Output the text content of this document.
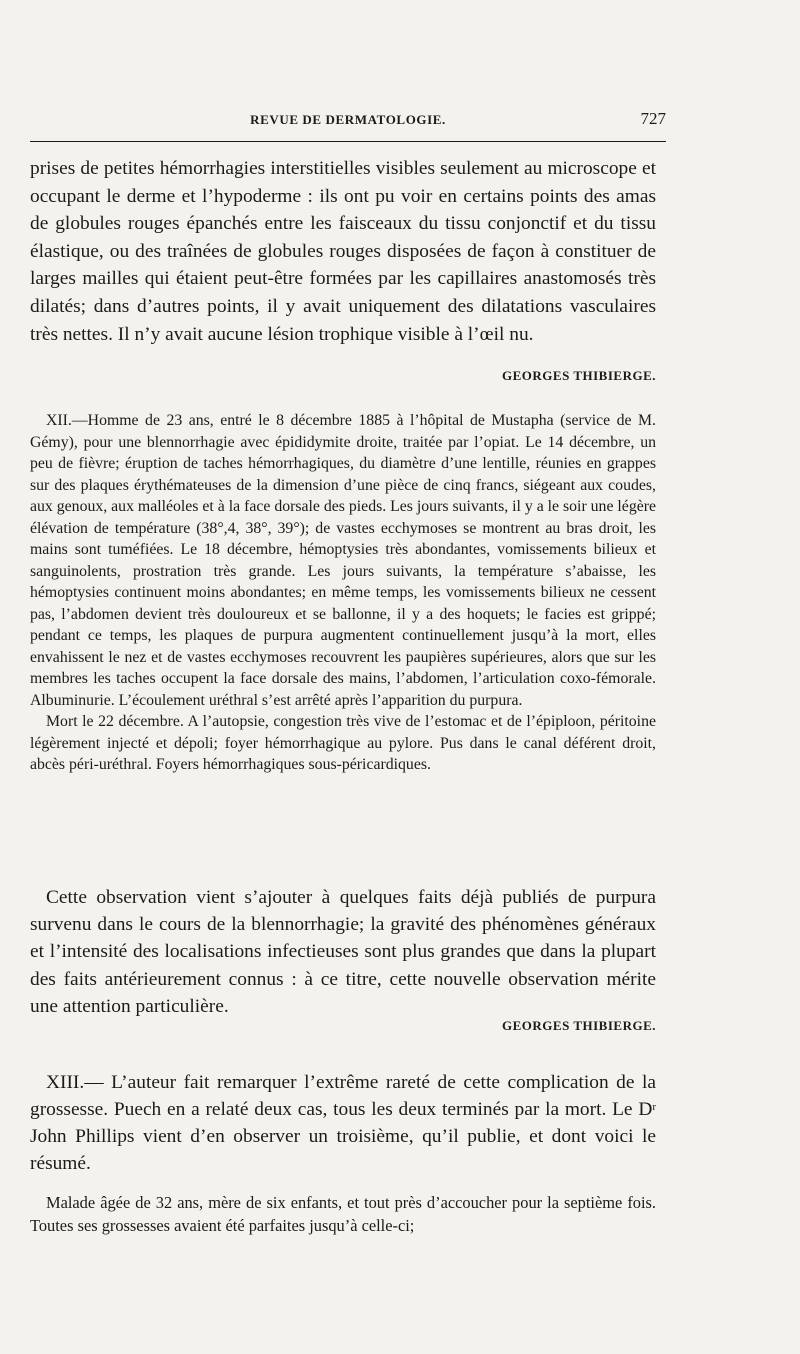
REVUE DE DERMATOLOGIE.	727

prises de petites hémorrhagies interstitielles visibles seulement au microscope et occupant le derme et l’hypoderme : ils ont pu voir en certains points des amas de globules rouges épanchés entre les faisceaux du tissu conjonctif et du tissu élastique, ou des traînées de globules rouges disposées de façon à constituer de larges mailles qui étaient peut-être formées par les capillaires anastomosés très dilatés; dans d’autres points, il y avait uniquement des dilatations vasculaires très nettes. Il n’y avait aucune lésion trophique visible à l’œil nu.

GEORGES THIBIERGE.

XII.—Homme de 23 ans, entré le 8 décembre 1885 à l’hôpital de Mustapha (service de M. Gémy), pour une blennorrhagie avec épididymite droite, traitée par l’opiat. Le 14 décembre, un peu de fièvre; éruption de taches hémorrhagiques, du diamètre d’une lentille, réunies en grappes sur des plaques érythémateuses de la dimension d’une pièce de cinq francs, siégeant aux coudes, aux genoux, aux malléoles et à la face dorsale des pieds. Les jours suivants, il y a le soir une légère élévation de température (38°,4, 38°, 39°); de vastes ecchymoses se montrent au bras droit, les mains sont tuméfiées. Le 18 décembre, hémoptysies très abondantes, vomissements bilieux et sanguinolents, prostration très grande. Les jours suivants, la température s’abaisse, les hémoptysies continuent moins abondantes; en même temps, les vomissements bilieux ne cessent pas, l’abdomen devient très douloureux et se ballonne, il y a des hoquets; le facies est grippé; pendant ce temps, les plaques de purpura augmentent continuellement jusqu’à la mort, elles envahissent le nez et de vastes ecchymoses recouvrent les paupières supérieures, alors que sur les membres les taches occupent la face dorsale des mains, l’abdomen, l’articulation coxo-fémorale. Albuminurie. L’écoulement uréthral s’est arrêté après l’apparition du purpura.

Mort le 22 décembre. A l’autopsie, congestion très vive de l’estomac et de l’épiploon, péritoine légèrement injecté et dépoli; foyer hémorrhagique au pylore. Pus dans le canal déférent droit, abcès péri-uréthral. Foyers hémorrhagiques sous-péricardiques.

Cette observation vient s’ajouter à quelques faits déjà publiés de purpura survenu dans le cours de la blennorrhagie; la gravité des phénomènes généraux et l’intensité des localisations infectieuses sont plus grandes que dans la plupart des faits antérieurement connus : à ce titre, cette nouvelle observation mérite une attention particulière.

GEORGES THIBIERGE.

XIII.— L’auteur fait remarquer l’extrême rareté de cette complication de la grossesse. Puech en a relaté deux cas, tous les deux terminés par la mort. Le $D^r$ John Phillips vient d’en observer un troisième, qu’il publie, et dont voici le résumé.

Malade âgée de 32 ans, mère de six enfants, et tout près d’accoucher pour la septième fois. Toutes ses grossesses avaient été parfaites jusqu’à celle-ci;
